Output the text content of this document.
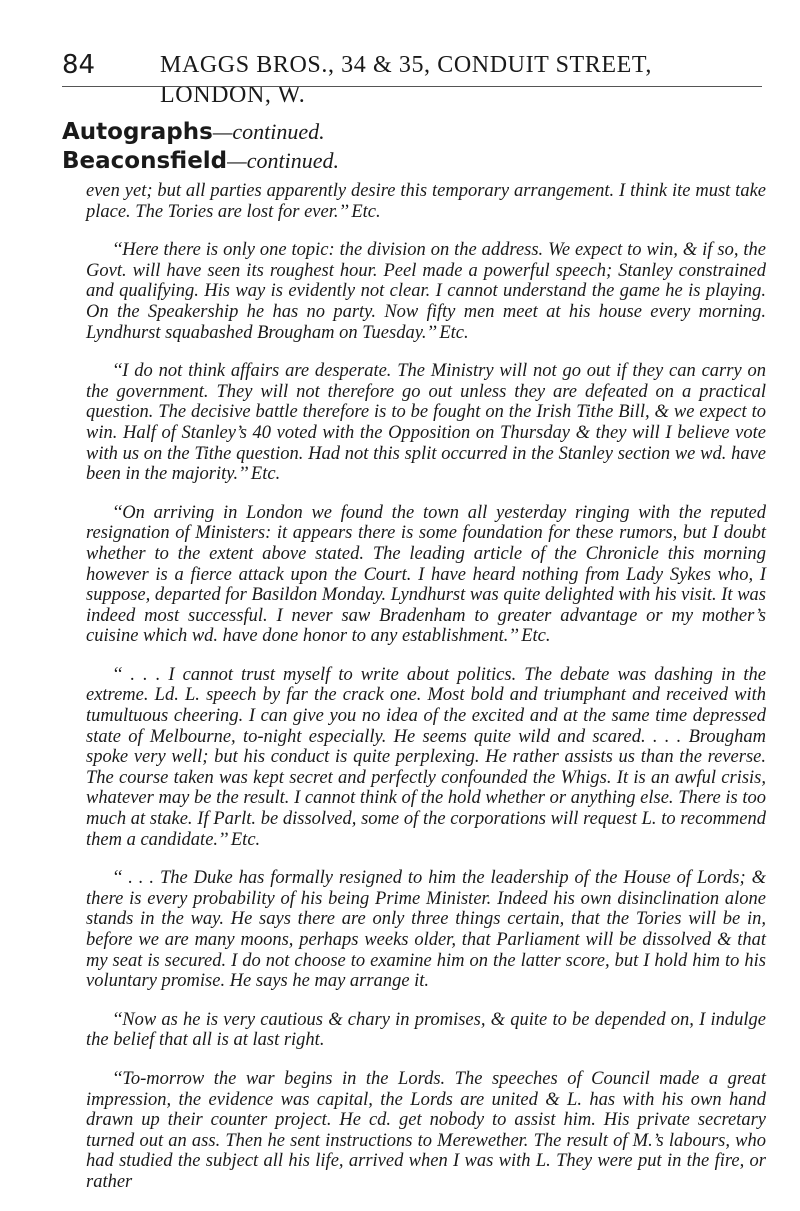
84	MAGGS BROS., 34 & 35, CONDUIT STREET, LONDON, W.
Autographs—continued.
Beaconsfield—continued.

even yet; but all parties apparently desire this temporary arrangement. I think ite must take place. The Tories are lost for ever.’’ Etc.

‘‘Here there is only one topic: the division on the address. We expect to win, & if so, the Govt. will have seen its roughest hour. Peel made a powerful speech; Stanley constrained and qualifying. His way is evidently not clear. I cannot understand the game he is playing. On the Speakership he has no party. Now fifty men meet at his house every morning. Lyndhurst squabashed Brougham on Tuesday.’’ Etc.

‘‘I do not think affairs are desperate. The Ministry will not go out if they can carry on the government. They will not therefore go out unless they are defeated on a practical question. The decisive battle therefore is to be fought on the Irish Tithe Bill, & we expect to win. Half of Stanley’s 40 voted with the Opposition on Thursday & they will I believe vote with us on the Tithe question. Had not this split occurred in the Stanley section we wd. have been in the majority.’’ Etc.

‘‘On arriving in London we found the town all yesterday ringing with the reputed resignation of Ministers: it appears there is some foundation for these rumors, but I doubt whether to the extent above stated. The leading article of the Chronicle this morning however is a fierce attack upon the Court. I have heard nothing from Lady Sykes who, I suppose, departed for Basildon Monday. Lyndhurst was quite delighted with his visit. It was indeed most successful. I never saw Bradenham to greater advantage or my mother’s cuisine which wd. have done honor to any establishment.’’ Etc.

‘‘ . . . I cannot trust myself to write about politics. The debate was dashing in the extreme. Ld. L. speech by far the crack one. Most bold and triumphant and received with tumultuous cheering. I can give you no idea of the excited and at the same time depressed state of Melbourne, to-night especially. He seems quite wild and scared. . . . Brougham spoke very well; but his conduct is quite perplexing. He rather assists us than the reverse. The course taken was kept secret and perfectly confounded the Whigs. It is an awful crisis, whatever may be the result. I cannot think of the hold whether or anything else. There is too much at stake. If Parlt. be dissolved, some of the corporations will request L. to recommend them a candidate.’’ Etc.

‘‘ . . . The Duke has formally resigned to him the leadership of the House of Lords; & there is every probability of his being Prime Minister. Indeed his own disinclination alone stands in the way. He says there are only three things certain, that the Tories will be in, before we are many moons, perhaps weeks older, that Parliament will be dissolved & that my seat is secured. I do not choose to examine him on the latter score, but I hold him to his voluntary promise. He says he may arrange it.

‘‘Now as he is very cautious & chary in promises, & quite to be depended on, I indulge the belief that all is at last right.

‘‘To-morrow the war begins in the Lords. The speeches of Council made a great impression, the evidence was capital, the Lords are united & L. has with his own hand drawn up their counter project. He cd. get nobody to assist him. His private secretary turned out an ass. Then he sent instructions to Merewether. The result of M.’s labours, who had studied the subject all his life, arrived when I was with L. They were put in the fire, or rather
